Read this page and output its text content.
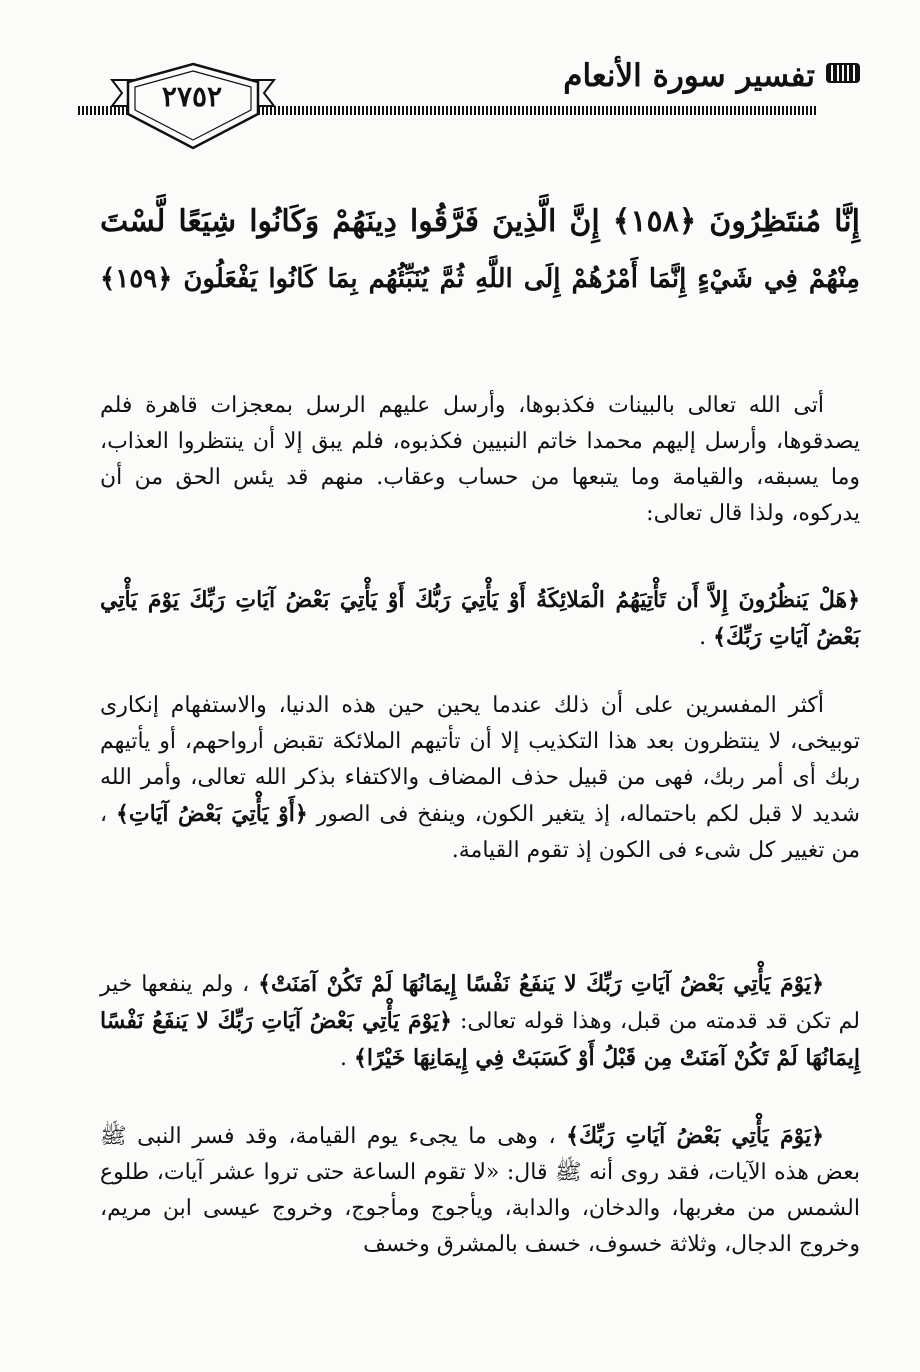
تفسير سورة الأنعام
٢٧٥٢
إِنَّا مُنتَظِرُونَ ﴿١٥٨﴾ إِنَّ الَّذِينَ فَرَّقُوا دِينَهُمْ وَكَانُوا شِيَعًا لَّسْتَ
مِنْهُمْ فِي شَيْءٍ إِنَّمَا أَمْرُهُمْ إِلَى اللَّهِ ثُمَّ يُنَبِّئُهُم بِمَا كَانُوا يَفْعَلُونَ ﴿١٥٩﴾
أتى الله تعالى بالبينات فكذبوها، وأرسل عليهم الرسل بمعجزات قاهرة فلم يصدقوها، وأرسل إليهم محمدا خاتم النبيين فكذبوه، فلم يبق إلا أن ينتظروا العذاب، وما يسبقه، والقيامة وما يتبعها من حساب وعقاب. منهم قد يئس الحق من أن يدركوه، ولذا قال تعالى:
﴿هَلْ يَنظُرُونَ إِلاَّ أَن تَأْتِيَهُمُ الْمَلائِكَةُ أَوْ يَأْتِيَ رَبُّكَ أَوْ يَأْتِيَ بَعْضُ آيَاتِ رَبِّكَ يَوْمَ يَأْتِي بَعْضُ آيَاتِ رَبِّكَ﴾ .
أكثر المفسرين على أن ذلك عندما يحين حين هذه الدنيا، والاستفهام إنكارى توبيخى، لا ينتظرون بعد هذا التكذيب إلا أن تأتيهم الملائكة تقبض أرواحهم، أو يأتيهم ربك أى أمر ربك، فهى من قبيل حذف المضاف والاكتفاء بذكر الله تعالى، وأمر الله شديد لا قبل لكم باحتماله، إذ يتغير الكون، وينفخ فى الصور ﴿أَوْ يَأْتِيَ بَعْضُ آيَاتِ﴾ ، من تغيير كل شىء فى الكون إذ تقوم القيامة.
﴿يَوْمَ يَأْتِي بَعْضُ آيَاتِ رَبِّكَ لا يَنفَعُ نَفْسًا إِيمَانُهَا لَمْ تَكُنْ آمَنَتْ﴾ ، ولم ينفعها خير لم تكن قد قدمته من قبل، وهذا قوله تعالى: ﴿يَوْمَ يَأْتِي بَعْضُ آيَاتِ رَبِّكَ لا يَنفَعُ نَفْسًا إِيمَانُهَا لَمْ تَكُنْ آمَنَتْ مِن قَبْلُ أَوْ كَسَبَتْ فِي إِيمَانِهَا خَيْرًا﴾ .
﴿يَوْمَ يَأْتِي بَعْضُ آيَاتِ رَبِّكَ﴾ ، وهى ما يجىء يوم القيامة، وقد فسر النبى ﷺ بعض هذه الآيات، فقد روى أنه ﷺ قال: «لا تقوم الساعة حتى تروا عشر آيات، طلوع الشمس من مغربها، والدخان، والدابة، ويأجوج ومأجوج، وخروج عيسى ابن مريم، وخروج الدجال، وثلاثة خسوف، خسف بالمشرق وخسف
